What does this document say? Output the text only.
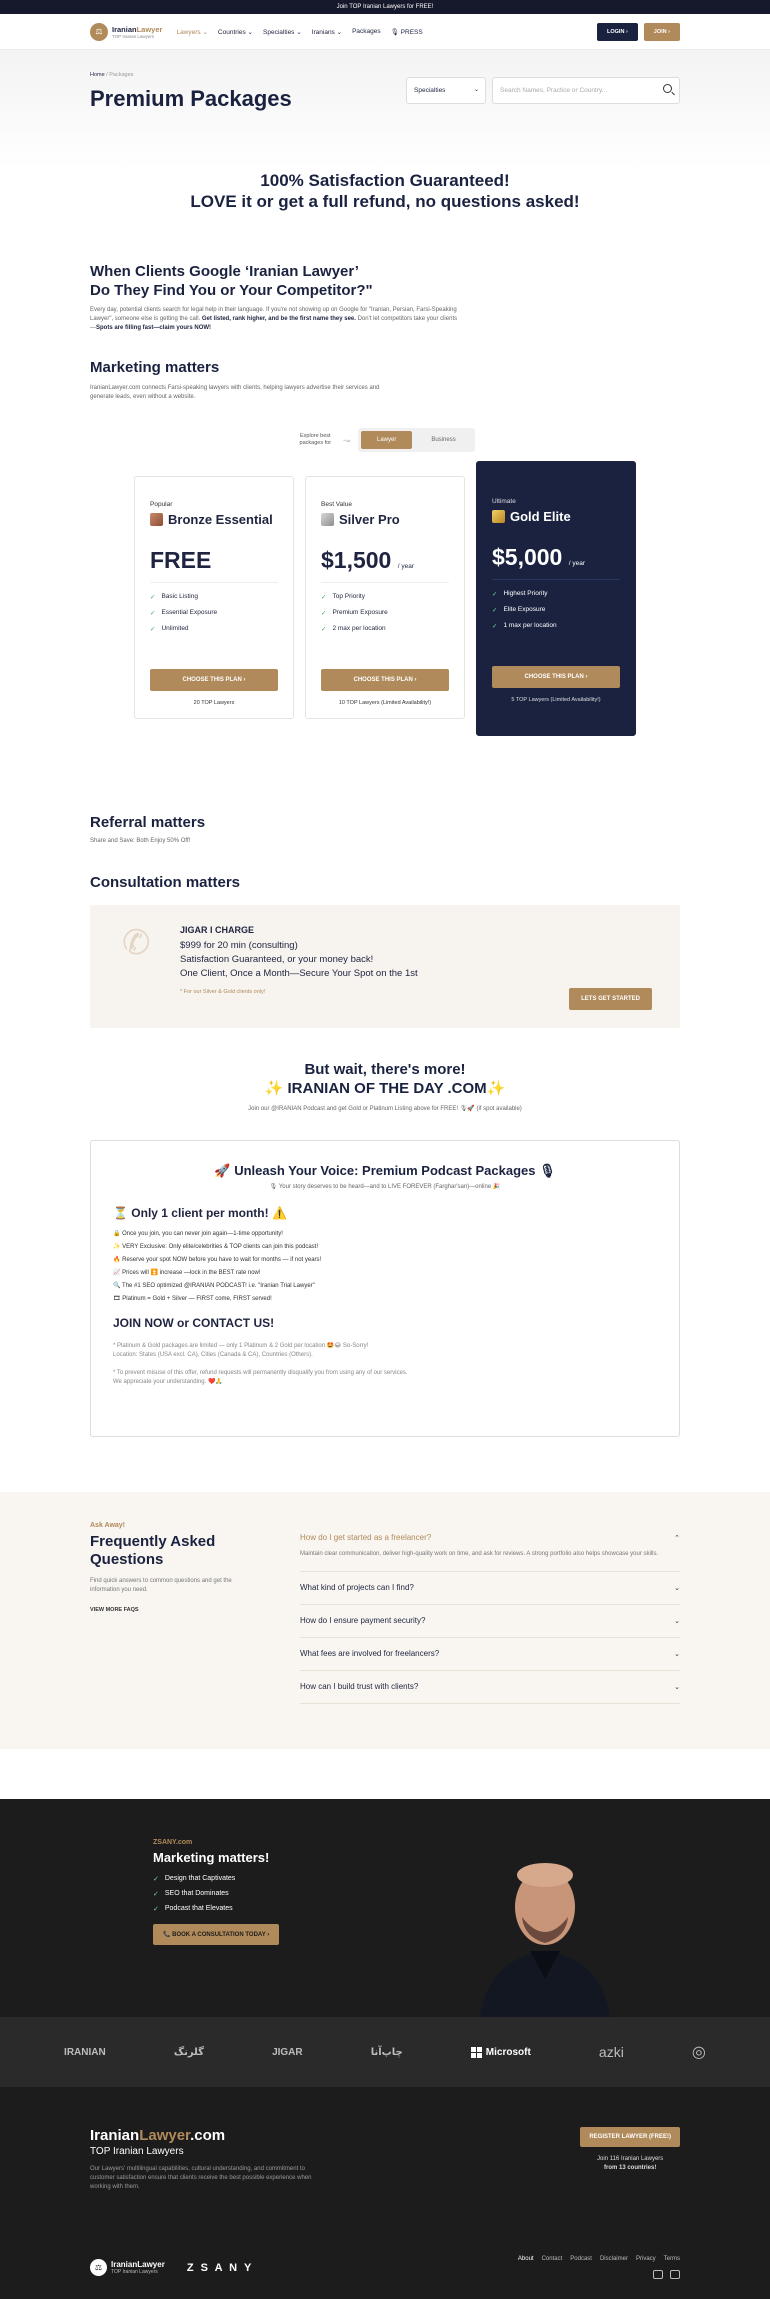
Join TOP Iranian Lawyers for FREE!
⚖	IranianLawyer
TOP Iranian Lawyers
Lawyers ⌄ Countries ⌄ Specialties ⌄ Iranians ⌄ Packages 🎙 PRESS	LOGIN ›	JOIN ›
Home / Packages
Premium Packages	Specialties	⌄	Search Names, Practice or Country...
100% Satisfaction Guaranteed!
LOVE it or get a full refund, no questions asked!
When Clients Google ‘Iranian Lawyer’
Do They Find You or Your Competitor?"
Every day, potential clients search for legal help in their language. If you're not showing up on Google for "Iranian, Persian, Farsi-Speaking Lawyer", someone else is getting the call. Get listed, rank higher, and be the first name they see. Don't let competitors take your clients—Spots are filling fast—claim yours NOW!
Marketing matters
IranianLawyer.com connects Farsi-speaking lawyers with clients, helping lawyers advertise their services and generate leads, even without a website.
Explore best packages for	↝	Lawyer	Business
Popular
Bronze Essential
FREE
✓ Basic Listing
✓ Essential Exposure
✓ Unlimited
CHOOSE THIS PLAN ›
20 TOP Lawyers
Best Value
Silver Pro
$1,500 / year
✓ Top Priority
✓ Premium Exposure
✓ 2 max per location
CHOOSE THIS PLAN ›
10 TOP Lawyers (Limited Availability!)
Ultimate
Gold Elite
$5,000 / year
✓ Highest Priority
✓ Elite Exposure
✓ 1 max per location
CHOOSE THIS PLAN ›
5 TOP Lawyers (Limited Availability!)
Referral matters
Share and Save: Both Enjoy 50% Off!
Consultation matters
✆	JIGAR I CHARGE
$999 for 20 min (consulting)
Satisfaction Guaranteed, or your money back!
One Client, Once a Month—Secure Your Spot on the 1st
* For our Silver & Gold clients only!
LETS GET STARTED
But wait, there's more!
✨ IRANIAN OF THE DAY .COM✨
Join our @IRANIAN Podcast and get Gold or Platinum Listing above for FREE! 🎙🚀 (if spot available)
🚀 Unleash Your Voice: Premium Podcast Packages 🎙
🎙 Your story deserves to be heard—and to LIVE FOREVER (Farghar'san)—online 🎉
⏳ Only 1 client per month! ⚠️
🔒 Once you join, you can never join again—1-time opportunity!
✨ VERY Exclusive: Only elite/celebrities & TOP clients can join this podcast!
🔥 Reserve your spot NOW before you have to wait for months — if not years!
📈 Prices will ⏫ increase —lock in the BEST rate now!
🔍 The #1 SEO optimized @IRANIAN PODCAST! i.e. "Iranian Trial Lawyer"
🎞 Platinum = Gold + Silver — FIRST come, FIRST served!
JOIN NOW or CONTACT US!
* Platinum & Gold packages are limited — only 1 Platinum & 2 Gold per location 🤩😂 So-Sorry!
Location: States (USA excl. CA), Cities (Canada & CA), Countries (Others).
* To prevent misuse of this offer, refund requests will permanently disqualify you from using any of our services.
We appreciate your understanding. ❤️🙏
Ask Away!
Frequently Asked Questions
Find quick answers to common questions and get the information you need.
VIEW MORE FAQS
How do I get started as a freelancer?
Maintain clear communication, deliver high-quality work on time, and ask for reviews. A strong portfolio also helps showcase your skills.
⌃
What kind of projects can I find?	⌄
How do I ensure payment security?	⌄
What fees are involved for freelancers?	⌄
How can I build trust with clients?	⌄
ZSANY.com
Marketing matters!
✓ Design that Captivates
✓ SEO that Dominates
✓ Podcast that Elevates
📞 BOOK A CONSULTATION TODAY ›
IRANIAN	گلرنگ	JIGAR	چاپ‌آنا	Microsoft	azki	◎
IranianLawyer.com
TOP Iranian Lawyers
Our Lawyers' multilingual capabilities, cultural understanding, and commitment to customer satisfaction ensure that clients receive the best possible experience when working with them.
REGISTER LAWYER (FREE!)
Join 116 Iranian Lawyers
from 13 countries!
⚖	IranianLawyer
TOP Iranian Lawyers	Z S A N Y
About Contact Podcast Disclaimer Privacy Terms
